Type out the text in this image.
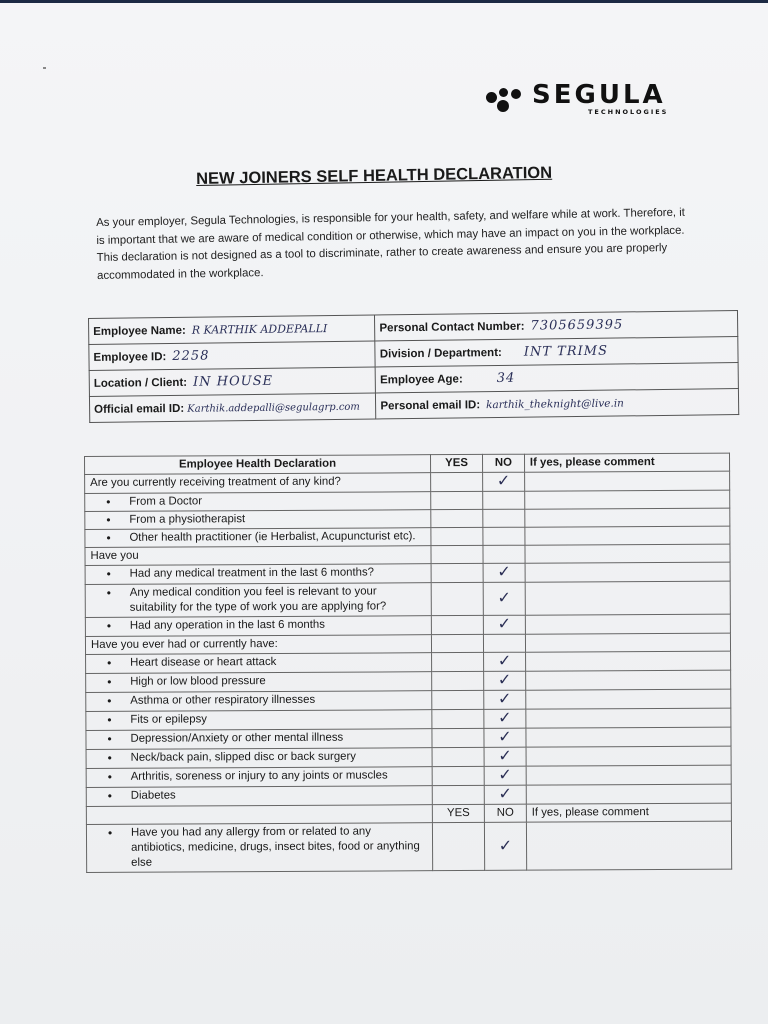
SEGULA
TECHNOLOGIES
NEW JOINERS SELF HEALTH DECLARATION
As your employer, Segula Technologies, is responsible for your health, safety, and welfare while at work. Therefore, it is important that we are aware of medical condition or otherwise, which may have an impact on you in the workplace. This declaration is not designed as a tool to discriminate, rather to create awareness and ensure you are properly accommodated in the workplace.
Employee Name: R KARTHIK ADDEPALLI	Personal Contact Number: 7305659395
Employee ID: 2258	Division / Department: INT TRIMS
Location / Client: IN HOUSE	Employee Age: 34
Official email ID: Karthik.addepalli@segulagrp.com	Personal email ID: karthik_theknight@live.in
Employee Health Declaration	YES	NO	If yes, please comment
Are you currently receiving treatment of any kind?		✓	

• From a Doctor

• From a physiotherapist

• Other health practitioner (ie Herbalist, Acupuncturist etc).

Have you			

• Had any medical treatment in the last 6 months?		✓	

• Any medical condition you feel is relevant to your suitability for the type of work you are applying for?		✓	

• Had any operation in the last 6 months		✓	
Have you ever had or currently have:			

• Heart disease or heart attack		✓	

• High or low blood pressure		✓	

• Asthma or other respiratory illnesses		✓	

• Fits or epilepsy		✓	

• Depression/Anxiety or other mental illness		✓	

• Neck/back pain, slipped disc or back surgery		✓	

• Arthritis, soreness or injury to any joints or muscles		✓	

• Diabetes		✓	
	YES	NO	If yes, please comment

• Have you had any allergy from or related to any antibiotics, medicine, drugs, insect bites, food or anything else		✓	
